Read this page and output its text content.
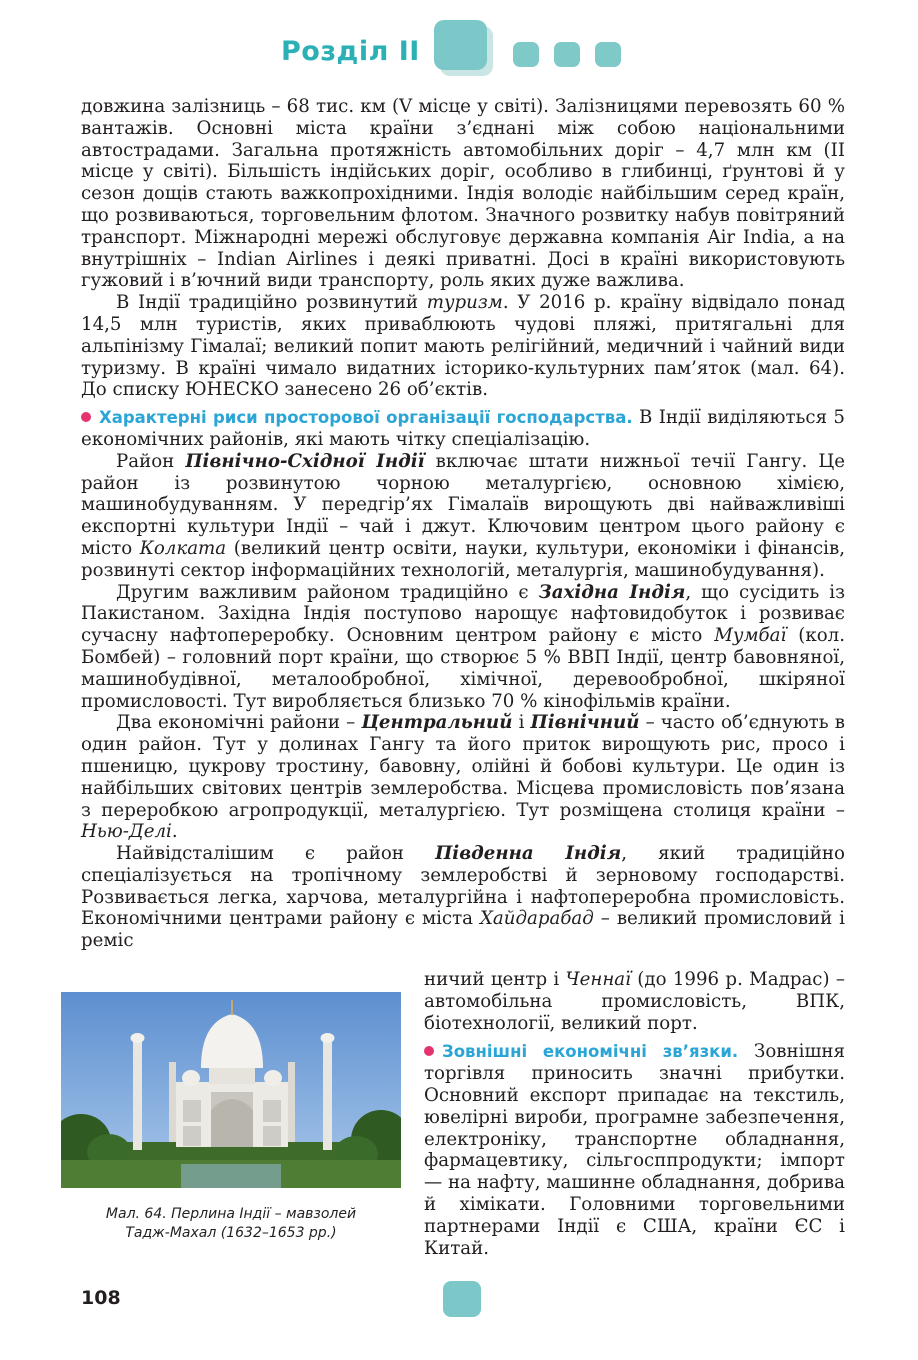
Розділ ІІ

довжина залізниць – 68 тис. км (V місце у світі). Залізницями перевозять 60 % вантажів. Основні міста країни з’єднані між собою національними автострадами. Загальна протяжність автомобільних доріг – 4,7 млн км (ІІ місце у світі). Більшість індійських доріг, особливо в глибинці, ґрунтові й у сезон дощів стають важкопрохідними. Індія володіє найбільшим серед країн, що розвиваються, торговельним флотом. Значного розвитку набув повітряний транспорт. Міжнародні мережі обслуговує державна компанія Air India, а на внутрішніх – Indian Airlines і деякі приватні. Досі в країні використовують гужовий і в’ючний види транспорту, роль яких дуже важлива.

В Індії традиційно розвинутий туризм. У 2016 р. країну відвідало понад 14,5 млн туристів, яких приваблюють чудові пляжі, притягальні для альпінізму Гімалаї; великий попит мають релігійний, медичний і чайний види туризму. В країні чимало видатних історико-культурних пам’яток (мал. 64). До списку ЮНЕСКО занесено 26 об’єктів.

Характерні риси просторової організації господарства. В Індії виділяються 5 економічних районів, які мають чітку спеціалізацію.

Район Північно-Східної Індії включає штати нижньої течії Гангу. Це район із розвинутою чорною металургією, основною хімією, машинобудуванням. У передгір’ях Гімалаїв вирощують дві найважливіші експортні культури Індії – чай і джут. Ключовим центром цього району є місто Колката (великий центр освіти, науки, культури, економіки і фінансів, розвинуті сектор інформаційних технологій, металургія, машинобудування).

Другим важливим районом традиційно є Західна Індія, що сусідить із Пакистаном. Західна Індія поступово нарощує нафтовидобуток і розвиває сучасну нафтопереробку. Основним центром району є місто Мумбаї (кол. Бомбей) – головний порт країни, що створює 5 % ВВП Індії, центр бавовняної, машинобудівної, металообробної, хімічної, деревообробної, шкіряної промисловості. Тут виробляється близько 70 % кінофільмів країни.

Два економічні райони – Центральний і Північний – часто об’єднують в один район. Тут у долинах Гангу та його приток вирощують рис, просо і пшеницю, цукрову тростину, бавовну, олійні й бобові культури. Це один із найбільших світових центрів землеробства. Місцева промисловість пов’язана з переробкою агропродукції, металургією. Тут розміщена столиця країни – Нью-Делі.

Найвідсталішим є район Південна Індія, який традиційно спеціалізується на тропічному землеробстві й зерновому господарстві. Розвивається легка, харчова, металургійна і нафтопереробна промисловість. Економічними центрами району є міста Хайдарабад – великий промисловий і реміс

Мал. 64. Перлина Індії – мавзолей
Тадж-Махал (1632–1653 рр.)

ничий центр і Ченнаї (до 1996 р. Мадрас) – автомобільна промисловість, ВПК, біотехнології, великий порт.

Зовнішні економічні зв’язки. Зовнішня торгівля приносить значні прибутки. Основний експорт припадає на текстиль, ювелірні вироби, програмне забезпечення, електроніку, транспортне обладнання, фармацевтику, сільгосппродукти; імпорт — на нафту, машинне обладнання, добрива й хімікати. Головними торговельними партнерами Індії є США, країни ЄС і Китай.

108
